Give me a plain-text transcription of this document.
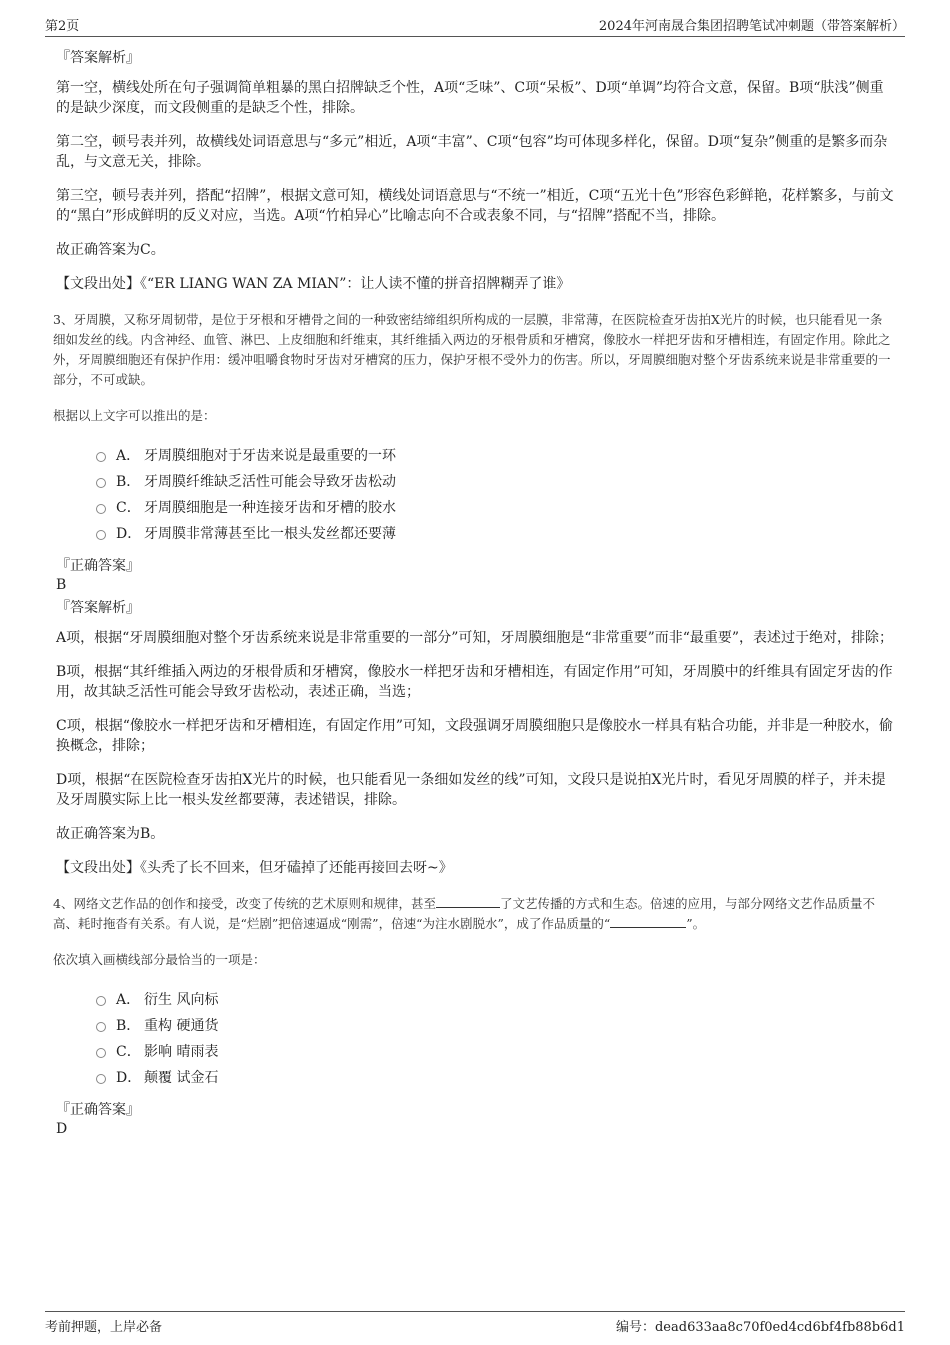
第2页	2024年河南晟合集团招聘笔试冲刺题（带答案解析）
『答案解析』

第一空，横线处所在句子强调简单粗暴的黑白招牌缺乏个性，A项“乏味”、C项“呆板”、D项“单调”均符合文意，保留。B项“肤浅”侧重的是缺少深度，而文段侧重的是缺乏个性，排除。

第二空，顿号表并列，故横线处词语意思与“多元”相近，A项“丰富”、C项“包容”均可体现多样化，保留。D项“复杂”侧重的是繁多而杂乱，与文意无关，排除。

第三空，顿号表并列，搭配“招牌”，根据文意可知，横线处词语意思与“不统一”相近，C项“五光十色”形容色彩鲜艳，花样繁多，与前文的“黑白”形成鲜明的反义对应，当选。A项“竹柏异心”比喻志向不合或表象不同，与“招牌”搭配不当，排除。

故正确答案为C。

【文段出处】《“ER LIANG WAN ZA MIAN”：让人读不懂的拼音招牌糊弄了谁》

3、牙周膜，又称牙周韧带，是位于牙根和牙槽骨之间的一种致密结缔组织所构成的一层膜，非常薄，在医院检查牙齿拍X光片的时候，也只能看见一条细如发丝的线。内含神经、血管、淋巴、上皮细胞和纤维束，其纤维插入两边的牙根骨质和牙槽窝，像胶水一样把牙齿和牙槽相连，有固定作用。除此之外，牙周膜细胞还有保护作用：缓冲咀嚼食物时牙齿对牙槽窝的压力，保护牙根不受外力的伤害。所以，牙周膜细胞对整个牙齿系统来说是非常重要的一部分，不可或缺。

根据以上文字可以推出的是：

A． 牙周膜细胞对于牙齿来说是最重要的一环
B． 牙周膜纤维缺乏活性可能会导致牙齿松动
C． 牙周膜细胞是一种连接牙齿和牙槽的胶水
D． 牙周膜非常薄甚至比一根头发丝都还要薄
『正确答案』

B

『答案解析』

A项，根据“牙周膜细胞对整个牙齿系统来说是非常重要的一部分”可知，牙周膜细胞是“非常重要”而非“最重要”，表述过于绝对，排除；

B项，根据“其纤维插入两边的牙根骨质和牙槽窝，像胶水一样把牙齿和牙槽相连，有固定作用”可知，牙周膜中的纤维具有固定牙齿的作用，故其缺乏活性可能会导致牙齿松动，表述正确，当选；

C项，根据“像胶水一样把牙齿和牙槽相连，有固定作用”可知，文段强调牙周膜细胞只是像胶水一样具有粘合功能，并非是一种胶水，偷换概念，排除；

D项，根据“在医院检查牙齿拍X光片的时候，也只能看见一条细如发丝的线”可知，文段只是说拍X光片时，看见牙周膜的样子，并未提及牙周膜实际上比一根头发丝都要薄，表述错误，排除。

故正确答案为B。

【文段出处】《头秃了长不回来，但牙磕掉了还能再接回去呀~》

4、网络文艺作品的创作和接受，改变了传统的艺术原则和规律，甚至	了文艺传播的方式和生态。倍速的应用，与部分网络文艺作品质量不高、耗时拖沓有关系。有人说，是“烂剧”把倍速逼成“刚需”，倍速“为注水剧脱水”，成了作品质量的“	”。

依次填入画横线部分最恰当的一项是：

A． 衍生 风向标
B． 重构 硬通货
C． 影响 晴雨表
D． 颠覆 试金石
『正确答案』

D

考前押题，上岸必备	编号：dead633aa8c70f0ed4cd6bf4fb88b6d1
